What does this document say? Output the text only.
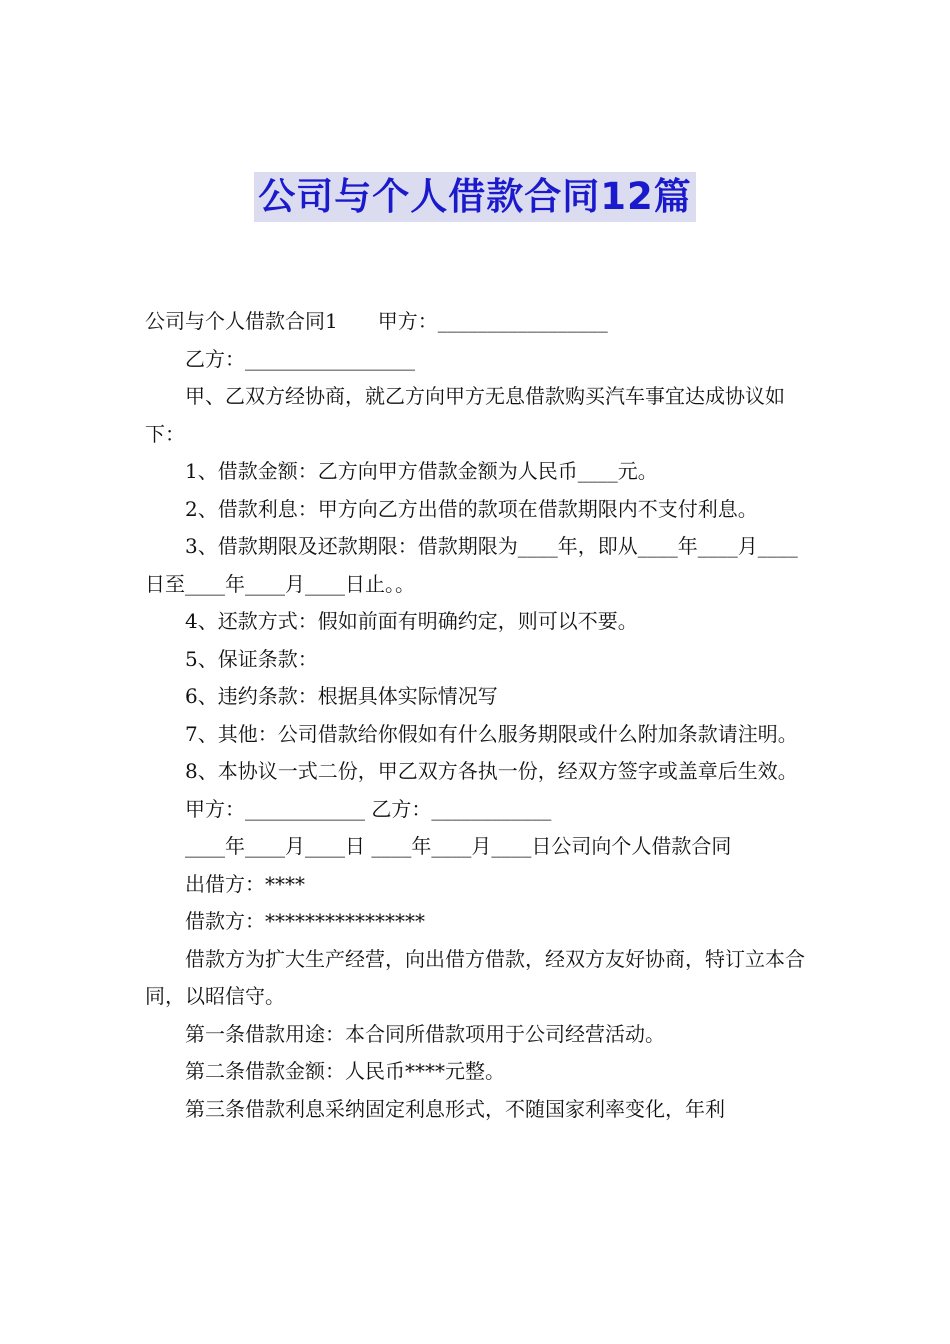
公司与个人借款合同12篇

公司与个人借款合同1　　甲方：_________________

乙方：_________________

甲、乙双方经协商，就乙方向甲方无息借款购买汽车事宜达成协议如下：

1、借款金额：乙方向甲方借款金额为人民币____元。

2、借款利息：甲方向乙方出借的款项在借款期限内不支付利息。

3、借款期限及还款期限：借款期限为____年，即从____年____月____日至____年____月____日止。。

4、还款方式：假如前面有明确约定，则可以不要。

5、保证条款：

6、违约条款：根据具体实际情况写

7、其他：公司借款给你假如有什么服务期限或什么附加条款请注明。

8、本协议一式二份，甲乙双方各执一份，经双方签字或盖章后生效。

甲方：____________ 乙方：____________

____年____月____日 ____年____月____日公司向个人借款合同

出借方：****

借款方：****************

借款方为扩大生产经营，向出借方借款，经双方友好协商，特订立本合同，以昭信守。

第一条借款用途：本合同所借款项用于公司经营活动。

第二条借款金额：人民币****元整。

第三条借款利息采纳固定利息形式，不随国家利率变化，年利
